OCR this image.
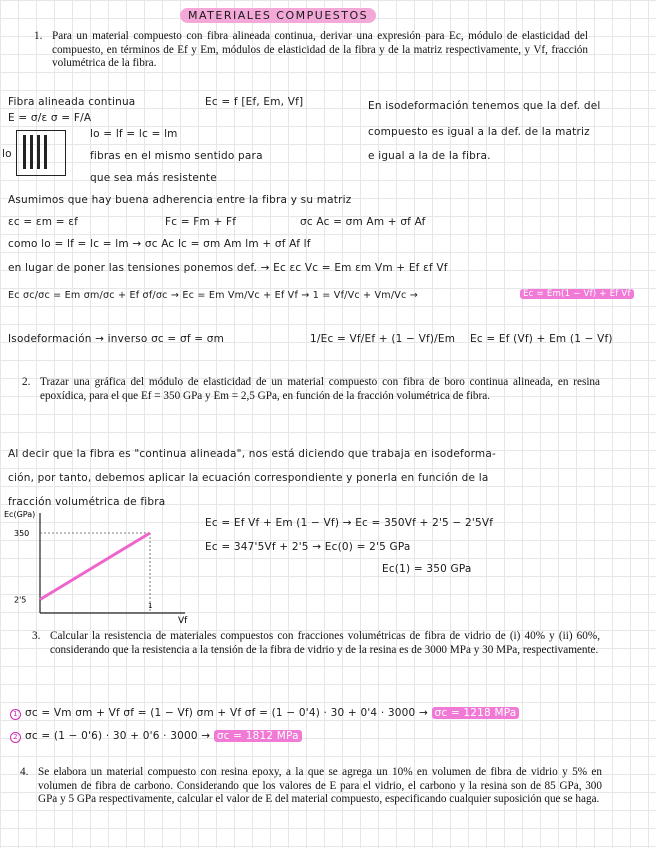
MATERIALES COMPUESTOS
1. Para un material compuesto con fibra alineada continua, derivar una expresión para Ec, módulo de elasticidad del compuesto, en términos de Ef y Em, módulos de elasticidad de la fibra y de la matriz respectivamente, y Vf, fracción volumétrica de la fibra.
Fibra alineada continua	Ec = f [Ef, Em, Vf]	En isodeformación tenemos que la def. del
E = σ/ε σ = F/A
compuesto es igual a la def. de la matriz
lo
lo = lf = lc = lm
e igual a la de la fibra.
fibras en el mismo sentido para
que sea más resistente
Asumimos que hay buena adherencia entre la fibra y su matriz
εc = εm = εf	Fc = Fm + Ff	σc Ac = σm Am + σf Af
como lo = lf = lc = lm → σc Ac lc = σm Am lm + σf Af lf
en lugar de poner las tensiones ponemos def. → Ec εc Vc = Em εm Vm + Ef εf Vf
Ec σc/σc = Em σm/σc + Ef σf/σc → Ec = Em Vm/Vc + Ef Vf → 1 = Vf/Vc + Vm/Vc →	Ec = Em(1 − Vf) + Ef Vf
Isodeformación → inverso σc = σf = σm	1/Ec = Vf/Ef + (1 − Vf)/Em Ec = Ef (Vf) + Em (1 − Vf)
2. Trazar una gráfica del módulo de elasticidad de un material compuesto con fibra de boro continua alineada, en resina epoxídica, para el que Ef = 350 GPa y Em = 2,5 GPa, en función de la fracción volumétrica de fibra.
Al decir que la fibra es "continua alineada", nos está diciendo que trabaja en isodeforma-
ción, por tanto, debemos aplicar la ecuación correspondiente y ponerla en función de la
fracción volumétrica de fibra
Ec = Ef Vf + Em (1 − Vf) → Ec = 350Vf + 2'5 − 2'5Vf
Ec = 347'5Vf + 2'5 → Ec(0) = 2'5 GPa
Ec(1) = 350 GPa
Ec(GPa)
Vf
350
2'5
1
3. Calcular la resistencia de materiales compuestos con fracciones volumétricas de fibra de vidrio de (i) 40% y (ii) 60%, considerando que la resistencia a la tensión de la fibra de vidrio y de la resina es de 3000 MPa y 30 MPa, respectivamente.
1 σc = Vm σm + Vf σf = (1 − Vf) σm + Vf σf = (1 − 0'4) · 30 + 0'4 · 3000 → σc = 1218 MPa
2 σc = (1 − 0'6) · 30 + 0'6 · 3000 → σc = 1812 MPa
4. Se elabora un material compuesto con resina epoxy, a la que se agrega un 10% en volumen de fibra de vidrio y 5% en volumen de fibra de carbono. Considerando que los valores de E para el vidrio, el carbono y la resina son de 85 GPa, 300 GPa y 5 GPa respectivamente, calcular el valor de E del material compuesto, especificando cualquier suposición que se haga.
